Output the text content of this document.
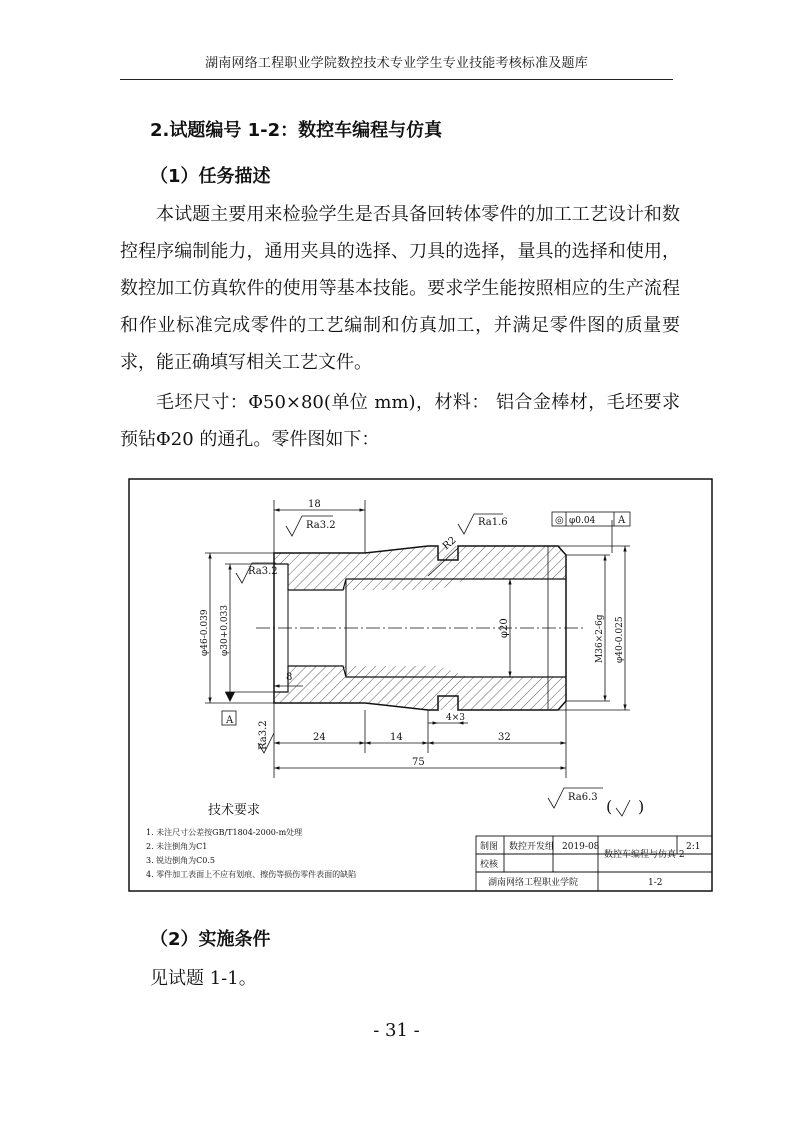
湖南网络工程职业学院数控技术专业学生专业技能考核标准及题库
2.试题编号 1-2：数控车编程与仿真
（1）任务描述
本试题主要用来检验学生是否具备回转体零件的加工工艺设计和数控程序编制能力，通用夹具的选择、刀具的选择，量具的选择和使用，数控加工仿真软件的使用等基本技能。要求学生能按照相应的生产流程和作业标准完成零件的工艺编制和仿真加工，并满足零件图的质量要求，能正确填写相关工艺文件。
毛坯尺寸：Φ50×80(单位 mm)，材料： 铝合金棒材，毛坯要求预钻Φ20 的通孔。零件图如下：
A
Ra3.2
Ra3.2
Ra1.6
Ra3.2
Ra6.3 ( )
R2
◎ φ0.04 A
18
24	14	32
75
8
4×3
φ20
φ46-0.039 φ30+0.033	M36×2-6g φ40-0.025
技术要求
1. 未注尺寸公差按GB/T1804-2000-m处理
2. 未注倒角为C1
3. 锐边倒角为C0.5
4. 零件加工表面上不应有划痕、擦伤等损伤零件表面的缺陷
制图 数控开发组 2019-08
数控车编程与仿真 2
2:1
校核
湖南网络工程职业学院	1-2
（2）实施条件
见试题 1-1。
- 31 -
